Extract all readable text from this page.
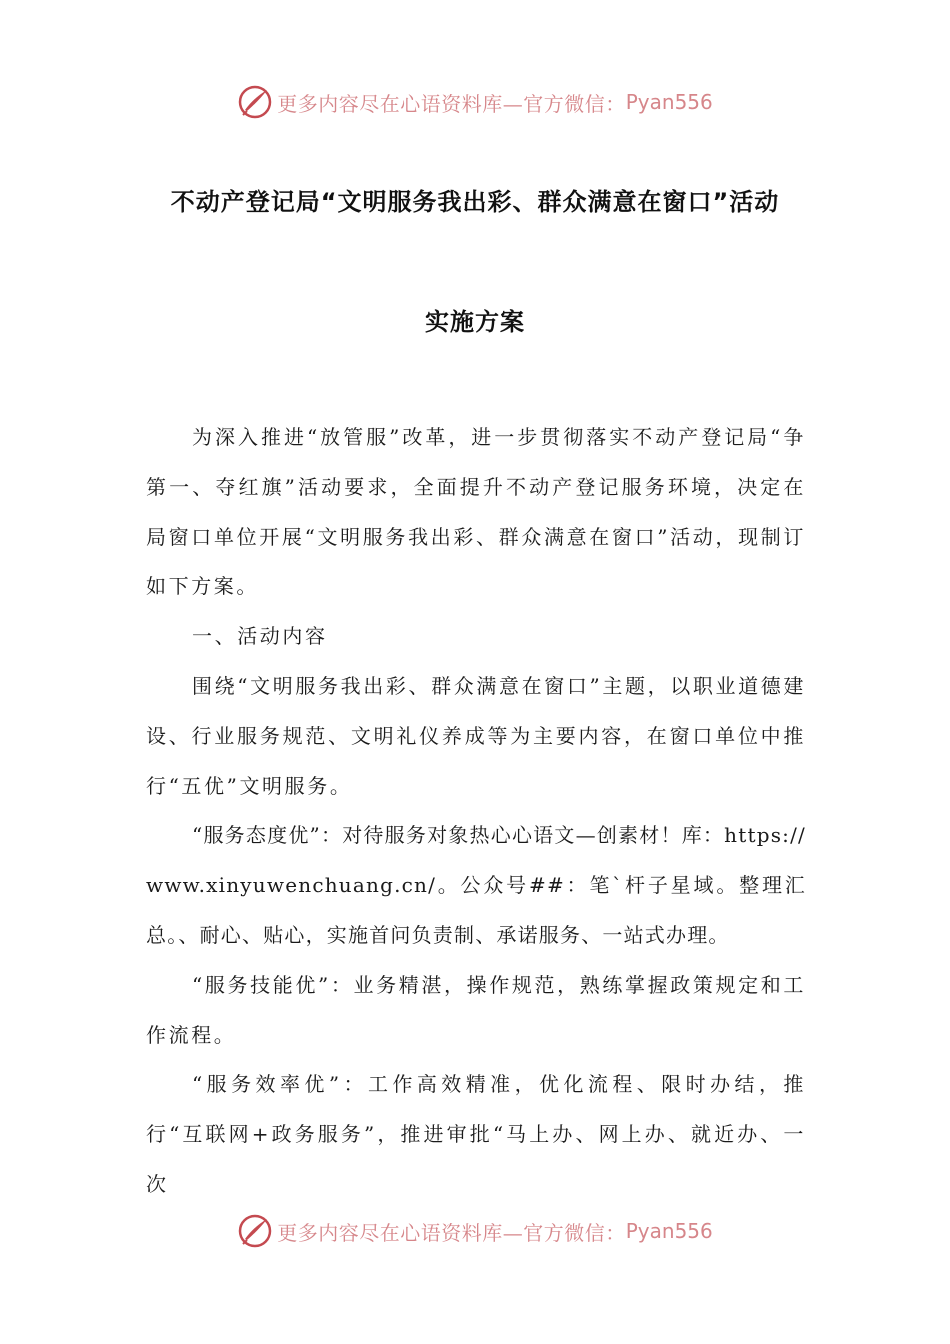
更多内容尽在心语资料库—官方微信： Pyan556
不动产登记局“文明服务我出彩、群众满意在窗口”活动
实施方案

为深入推进“放管服”改革，进一步贯彻落实不动产登记局“争第一、夺红旗”活动要求，全面提升不动产登记服务环境，决定在局窗口单位开展“文明服务我出彩、群众满意在窗口”活动，现制订如下方案。

一、活动内容

围绕“文明服务我出彩、群众满意在窗口”主题，以职业道德建设、行业服务规范、文明礼仪养成等为主要内容，在窗口单位中推行“五优”文明服务。

“服务态度优”：对待服务对象热心心语文—创素材！库：https://www.xinyuwenchuang.cn/。公众号##：笔`杆子星域。整理汇总。、耐心、贴心，实施首问负责制、承诺服务、一站式办理。

“服务技能优”：业务精湛，操作规范，熟练掌握政策规定和工作流程。

“服务效率优”：工作高效精准，优化流程、限时办结，推行“互联网+政务服务”，推进审批“马上办、网上办、就近办、一次

更多内容尽在心语资料库—官方微信： Pyan556
